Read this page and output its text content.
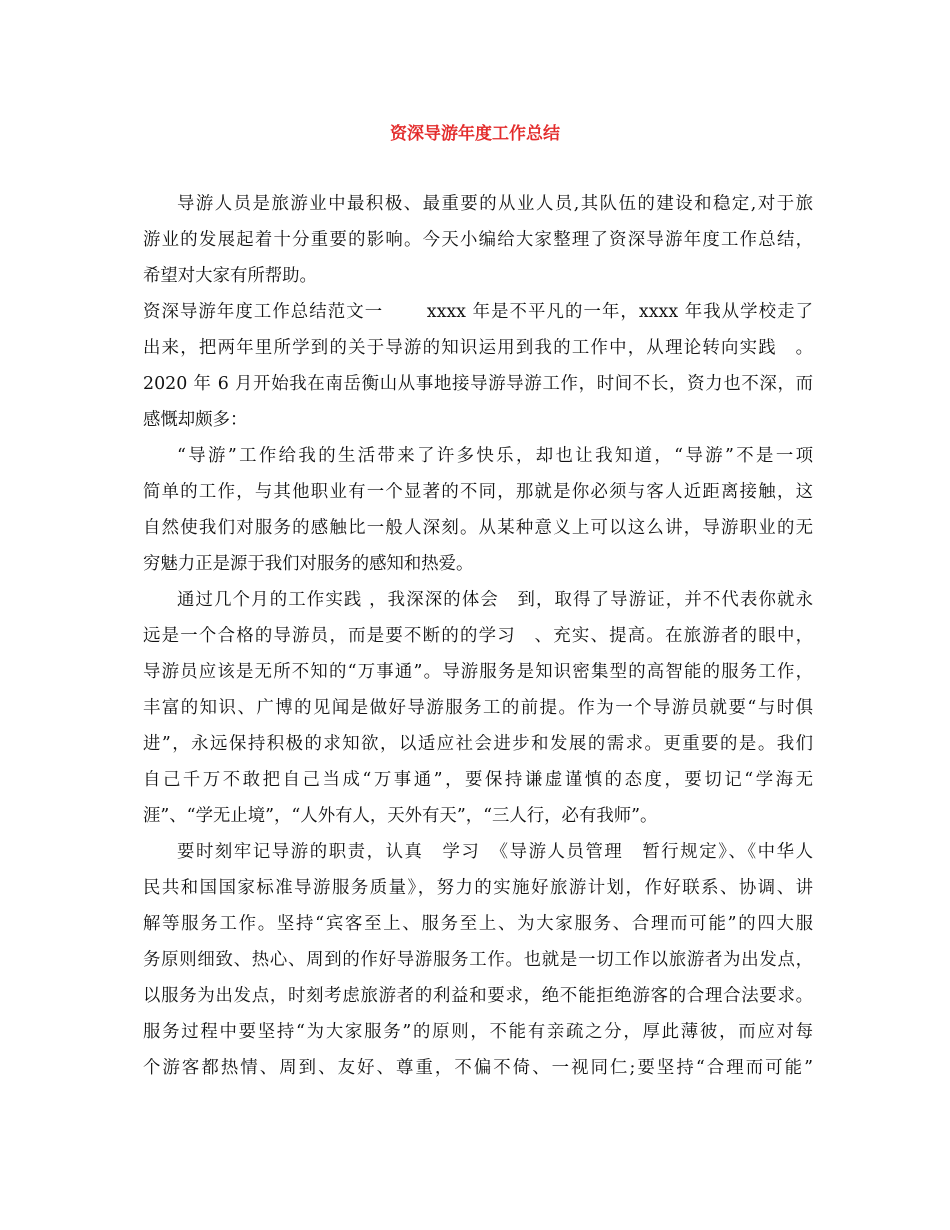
资深导游年度工作总结
导游人员是旅游业中最积极、最重要的从业人员,其队伍的建设和稳定,对于旅
游业的发展起着十分重要的影响。今天小编给大家整理了资深导游年度工作总结，
希望对大家有所帮助。
资深导游年度工作总结范文一　　 xxxx 年是不平凡的一年，xxxx 年我从学校走了
出来，把两年里所学到的关于导游的知识运用到我的工作中，从理论转向实践　。
2020 年 6 月开始我在南岳衡山从事地接导游导游工作，时间不长，资力也不深，而
感慨却颇多：
“导游”工作给我的生活带来了许多快乐，却也让我知道，“导游”不是一项
简单的工作，与其他职业有一个显著的不同，那就是你必须与客人近距离接触，这
自然使我们对服务的感触比一般人深刻。从某种意义上可以这么讲，导游职业的无
穷魅力正是源于我们对服务的感知和热爱。
通过几个月的工作实践 ，我深深的体会　到，取得了导游证，并不代表你就永
远是一个合格的导游员，而是要不断的的学习　、充实、提高。在旅游者的眼中，
导游员应该是无所不知的“万事通”。导游服务是知识密集型的高智能的服务工作，
丰富的知识、广博的见闻是做好导游服务工的前提。作为一个导游员就要“与时俱
进”，永远保持积极的求知欲，以适应社会进步和发展的需求。更重要的是。我们
自己千万不敢把自己当成“万事通”，要保持谦虚谨慎的态度，要切记“学海无
涯”、“学无止境”，“人外有人，天外有天”，“三人行，必有我师”。
要时刻牢记导游的职责，认真　学习　《导游人员管理　暂行规定》、《中华人
民共和国国家标准导游服务质量》，努力的实施好旅游计划，作好联系、协调、讲
解等服务工作。坚持“宾客至上、服务至上、为大家服务、合理而可能”的四大服
务原则细致、热心、周到的作好导游服务工作。也就是一切工作以旅游者为出发点，
以服务为出发点，时刻考虑旅游者的利益和要求，绝不能拒绝游客的合理合法要求。
服务过程中要坚持“为大家服务”的原则，不能有亲疏之分，厚此薄彼，而应对每
个游客都热情、周到、友好、尊重，不偏不倚、一视同仁;要坚持“合理而可能”
